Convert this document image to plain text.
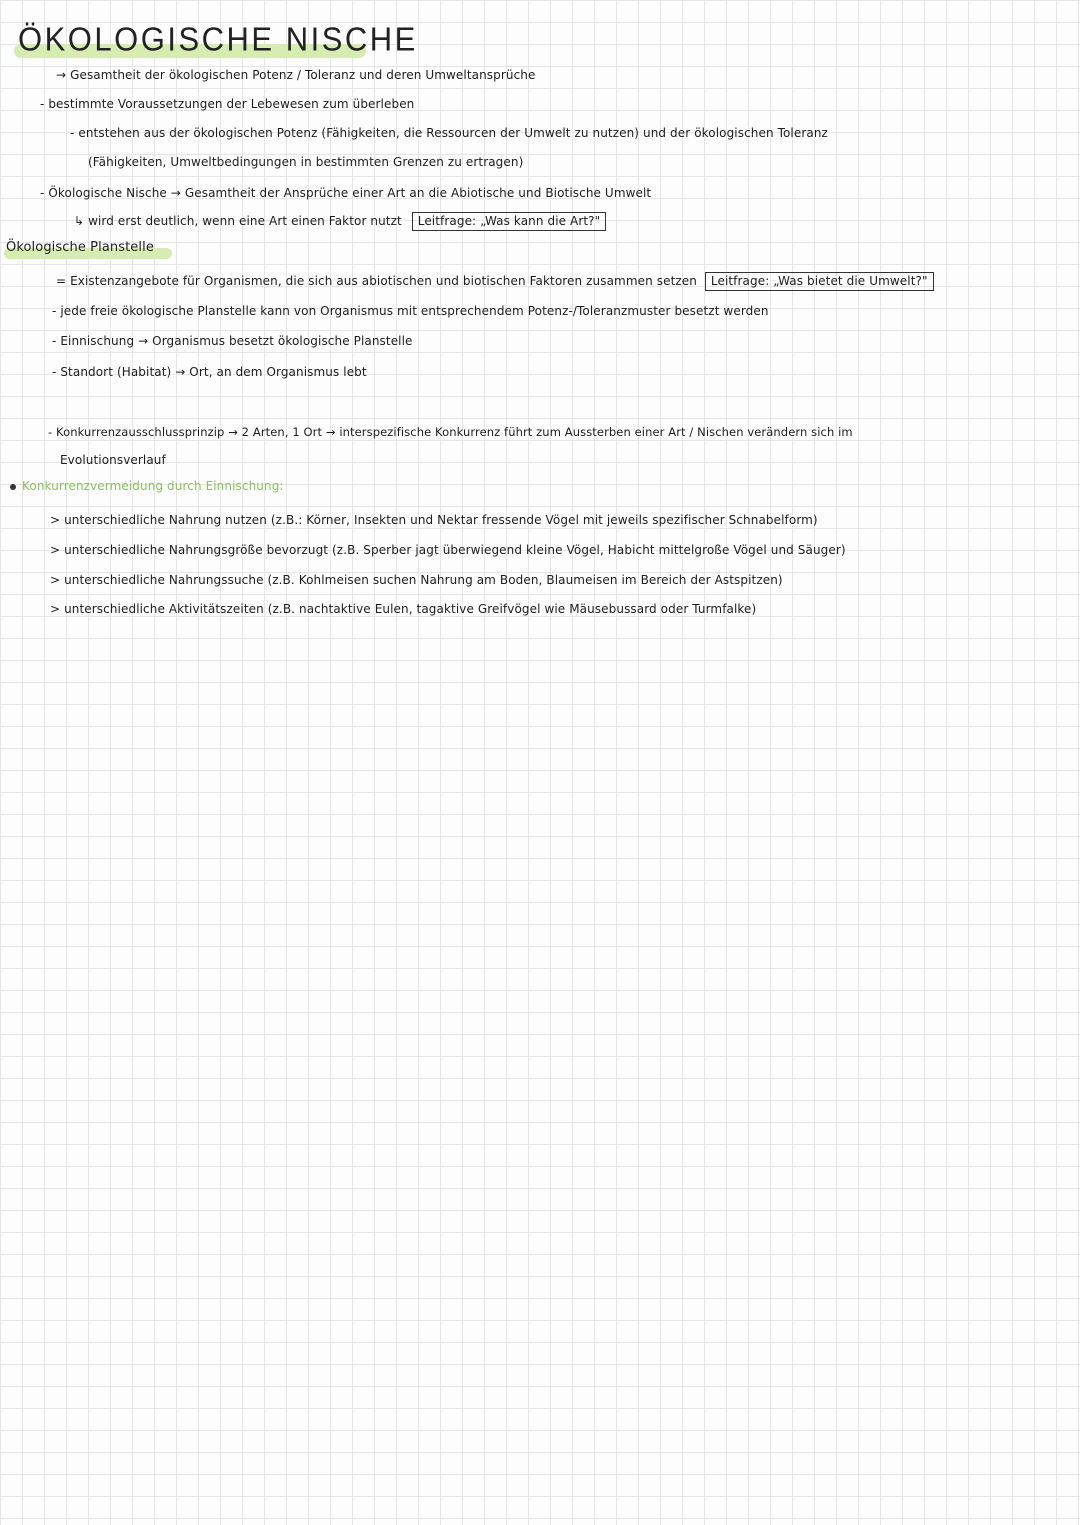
ÖKOLOGISCHE NISCHE
→ Gesamtheit der ökologischen Potenz / Toleranz und deren Umweltansprüche
- bestimmte Voraussetzungen der Lebewesen zum überleben
- entstehen aus der ökologischen Potenz (Fähigkeiten, die Ressourcen der Umwelt zu nutzen) und der ökologischen Toleranz
(Fähigkeiten, Umweltbedingungen in bestimmten Grenzen zu ertragen)
- Ökologische Nische → Gesamtheit der Ansprüche einer Art an die Abiotische und Biotische Umwelt
↳ wird erst deutlich, wenn eine Art einen Faktor nutzt Leitfrage: „Was kann die Art?"
Ökologische Planstelle
= Existenzangebote für Organismen, die sich aus abiotischen und biotischen Faktoren zusammen setzen Leitfrage: „Was bietet die Umwelt?"
- jede freie ökologische Planstelle kann von Organismus mit entsprechendem Potenz-/Toleranzmuster besetzt werden
- Einnischung → Organismus besetzt ökologische Planstelle
- Standort (Habitat) → Ort, an dem Organismus lebt
- Konkurrenzausschlussprinzip → 2 Arten, 1 Ort → interspezifische Konkurrenz führt zum Aussterben einer Art / Nischen verändern sich im
Evolutionsverlauf
Konkurrenzvermeidung durch Einnischung:
> unterschiedliche Nahrung nutzen (z.B.: Körner, Insekten und Nektar fressende Vögel mit jeweils spezifischer Schnabelform)
> unterschiedliche Nahrungsgröße bevorzugt (z.B. Sperber jagt überwiegend kleine Vögel, Habicht mittelgroße Vögel und Säuger)
> unterschiedliche Nahrungssuche (z.B. Kohlmeisen suchen Nahrung am Boden, Blaumeisen im Bereich der Astspitzen)
> unterschiedliche Aktivitätszeiten (z.B. nachtaktive Eulen, tagaktive Greifvögel wie Mäusebussard oder Turmfalke)
